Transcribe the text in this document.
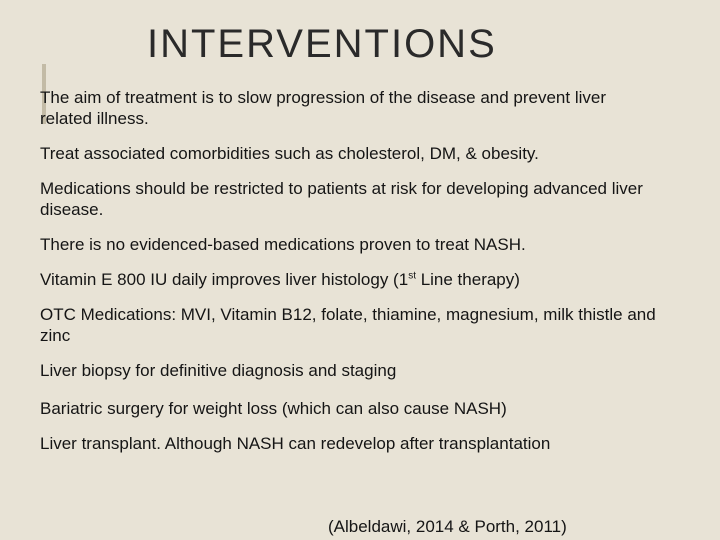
INTERVENTIONS
The aim of treatment is to slow progression of the disease and prevent liver related illness.
Treat associated comorbidities such as cholesterol, DM, & obesity.
Medications should be restricted to patients at risk for developing advanced liver disease.
There is no evidenced-based medications proven to treat NASH.
Vitamin E 800 IU daily improves liver histology (1st Line therapy)
OTC Medications: MVI, Vitamin B12, folate, thiamine, magnesium, milk thistle and zinc
Liver biopsy for definitive diagnosis and staging
Bariatric surgery for weight loss (which can also cause NASH)
Liver transplant. Although NASH can redevelop after transplantation
(Albeldawi, 2014 & Porth, 2011)
